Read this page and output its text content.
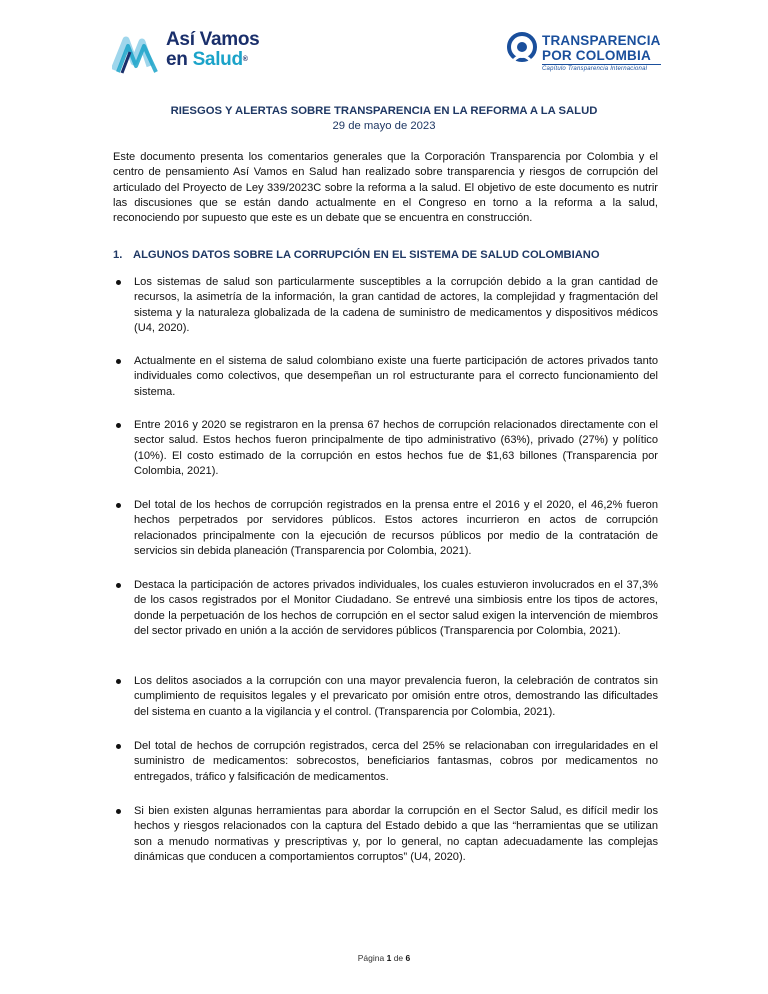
Así Vamos
en Salud®
TRANSPARENCIA
POR COLOMBIA
Capítulo Transparencia Internacional
RIESGOS Y ALERTAS SOBRE TRANSPARENCIA EN LA REFORMA A LA SALUD
29 de mayo de 2023
Este documento presenta los comentarios generales que la Corporación Transparencia por Colombia y el centro de pensamiento Así Vamos en Salud han realizado sobre transparencia y riesgos de corrupción del articulado del Proyecto de Ley 339/2023C sobre la reforma a la salud. El objetivo de este documento es nutrir las discusiones que se están dando actualmente en el Congreso en torno a la reforma a la salud, reconociendo por supuesto que este es un debate que se encuentra en construcción.
1. ALGUNOS DATOS SOBRE LA CORRUPCIÓN EN EL SISTEMA DE SALUD COLOMBIANO
Los sistemas de salud son particularmente susceptibles a la corrupción debido a la gran cantidad de recursos, la asimetría de la información, la gran cantidad de actores, la complejidad y fragmentación del sistema y la naturaleza globalizada de la cadena de suministro de medicamentos y dispositivos médicos (U4, 2020).
Actualmente en el sistema de salud colombiano existe una fuerte participación de actores privados tanto individuales como colectivos, que desempeñan un rol estructurante para el correcto funcionamiento del sistema.
Entre 2016 y 2020 se registraron en la prensa 67 hechos de corrupción relacionados directamente con el sector salud. Estos hechos fueron principalmente de tipo administrativo (63%), privado (27%) y político (10%). El costo estimado de la corrupción en estos hechos fue de $1,63 billones (Transparencia por Colombia, 2021).
Del total de los hechos de corrupción registrados en la prensa entre el 2016 y el 2020, el 46,2% fueron hechos perpetrados por servidores públicos. Estos actores incurrieron en actos de corrupción relacionados principalmente con la ejecución de recursos públicos por medio de la contratación de servicios sin debida planeación (Transparencia por Colombia, 2021).
Destaca la participación de actores privados individuales, los cuales estuvieron involucrados en el 37,3% de los casos registrados por el Monitor Ciudadano. Se entrevé una simbiosis entre los tipos de actores, donde la perpetuación de los hechos de corrupción en el sector salud exigen la intervención de miembros del sector privado en unión a la acción de servidores públicos (Transparencia por Colombia, 2021).
Los delitos asociados a la corrupción con una mayor prevalencia fueron, la celebración de contratos sin cumplimiento de requisitos legales y el prevaricato por omisión entre otros, demostrando las dificultades del sistema en cuanto a la vigilancia y el control. (Transparencia por Colombia, 2021).
Del total de hechos de corrupción registrados, cerca del 25% se relacionaban con irregularidades en el suministro de medicamentos: sobrecostos, beneficiarios fantasmas, cobros por medicamentos no entregados, tráfico y falsificación de medicamentos.
Si bien existen algunas herramientas para abordar la corrupción en el Sector Salud, es difícil medir los hechos y riesgos relacionados con la captura del Estado debido a que las “herramientas que se utilizan son a menudo normativas y prescriptivas y, por lo general, no captan adecuadamente las complejas dinámicas que conducen a comportamientos corruptos” (U4, 2020).
Página 1 de 6
